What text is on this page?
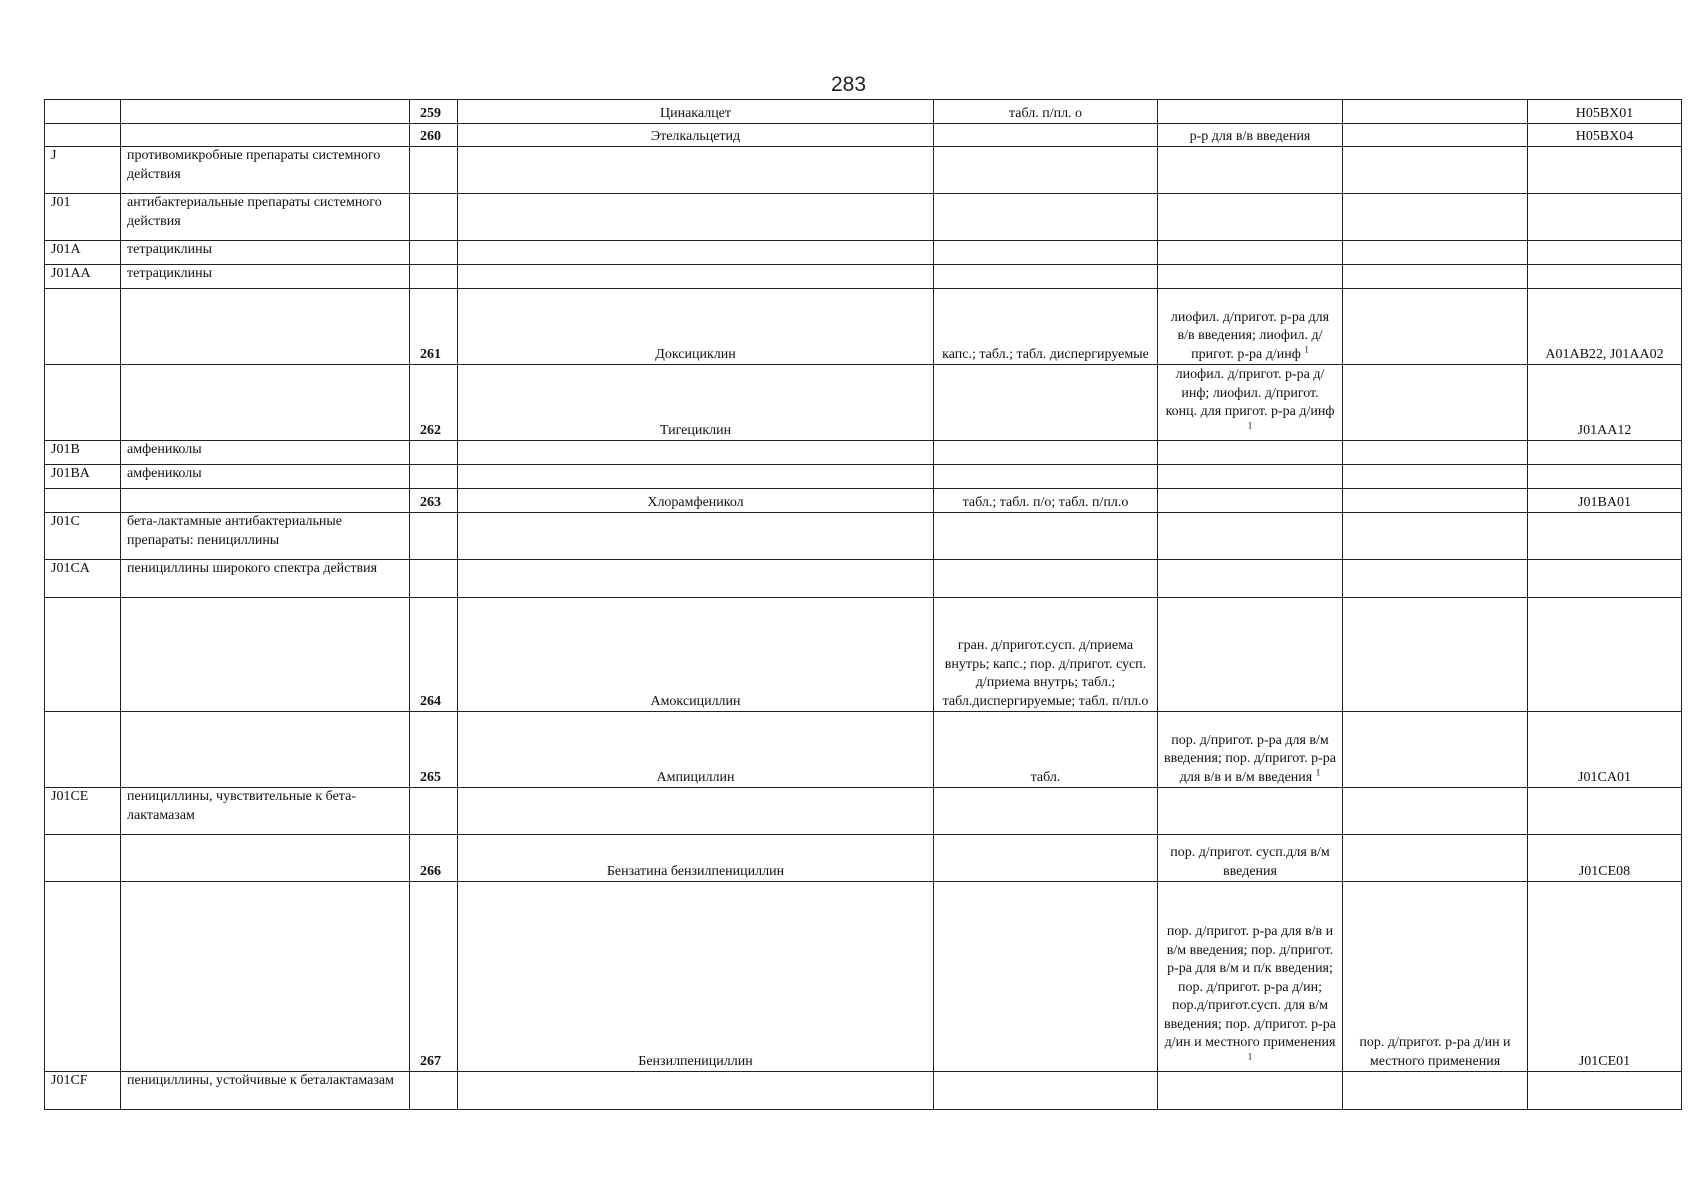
283
		259	Цинакалцет	табл. п/пл. о			H05BX01
		260	Этелкальцетид		р-р для в/в введения		H05BX04
J	противомикробные препараты системного действия						
J01	антибактериальные препараты системного действия						
J01A	тетрациклины						
J01AA	тетрациклины						
		261	Доксициклин	капс.; табл.; табл. диспергируемые	лиофил. д/пригот. р-ра для в/в введения; лиофил. д/пригот. р-ра д/инф $^1$		A01AB22, J01AA02
		262	Тигециклин		лиофил. д/пригот. р-ра д/инф; лиофил. д/пригот. конц. для пригот. р-ра д/инф $^1$		J01AA12
J01B	амфениколы						
J01BA	амфениколы						
		263	Хлорамфеникол	табл.; табл. п/о; табл. п/пл.о			J01BA01
J01C	бета-лактамные антибактериальные препараты: пенициллины						
J01CA	пенициллины широкого спектра действия						
		264	Амоксициллин	гран. д/пригот.сусп. д/приема внутрь; капс.; пор. д/пригот. сусп. д/приема внутрь; табл.; табл.диспергируемые; табл. п/пл.о			
		265	Ампициллин	табл.	пор. д/пригот. р-ра для в/м введения; пор. д/пригот. р-ра для в/в и в/м введения $^1$		J01CA01
J01CE	пенициллины, чувствительные к бета-лактамазам						
		266	Бензатина бензилпенициллин		пор. д/пригот. сусп.для в/м введения		J01CE08
		267	Бензилпенициллин		пор. д/пригот. р-ра для в/в и в/м введения; пор. д/пригот. р-ра для в/м и п/к введения; пор. д/пригот. р-ра д/ин; пор.д/пригот.сусп. для в/м введения; пор. д/пригот. р-ра д/ин и местного применения $^1$	пор. д/пригот. р-ра д/ин и местного применения	J01CE01
J01CF	пенициллины, устойчивые к беталактамазам						
